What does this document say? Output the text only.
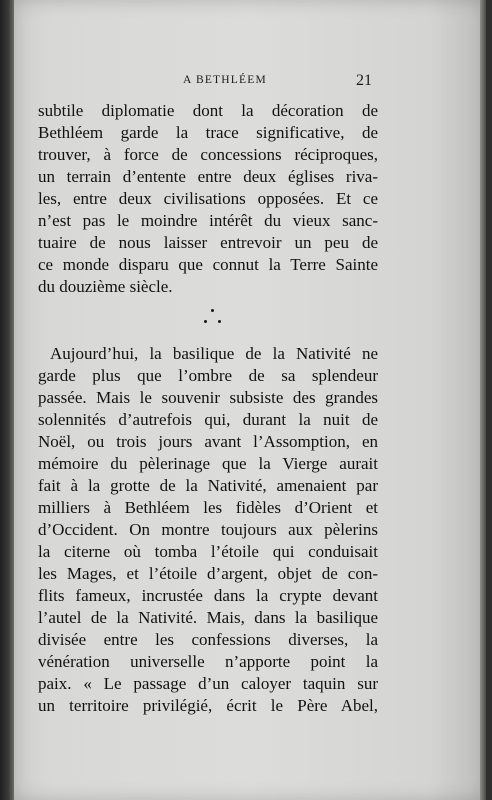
A BETHLÉEM	21
subtile diplomatie dont la décoration de
Bethléem garde la trace significative, de
trouver, à force de concessions réciproques,
un terrain d’entente entre deux églises riva-
les, entre deux civilisations opposées. Et ce
n’est pas le moindre intérêt du vieux sanc-
tuaire de nous laisser entrevoir un peu de
ce monde disparu que connut la Terre Sainte
du douzième siècle.
Aujourd’hui, la basilique de la Nativité ne
garde plus que l’ombre de sa splendeur
passée. Mais le souvenir subsiste des grandes
solennités d’autrefois qui, durant la nuit de
Noël, ou trois jours avant l’Assomption, en
mémoire du pèlerinage que la Vierge aurait
fait à la grotte de la Nativité, amenaient par
milliers à Bethléem les fidèles d’Orient et
d’Occident. On montre toujours aux pèlerins
la citerne où tomba l’étoile qui conduisait
les Mages, et l’étoile d’argent, objet de con-
flits fameux, incrustée dans la crypte devant
l’autel de la Nativité. Mais, dans la basilique
divisée entre les confessions diverses, la
vénération universelle n’apporte point la
paix. « Le passage d’un caloyer taquin sur
un territoire privilégié, écrit le Père Abel,
